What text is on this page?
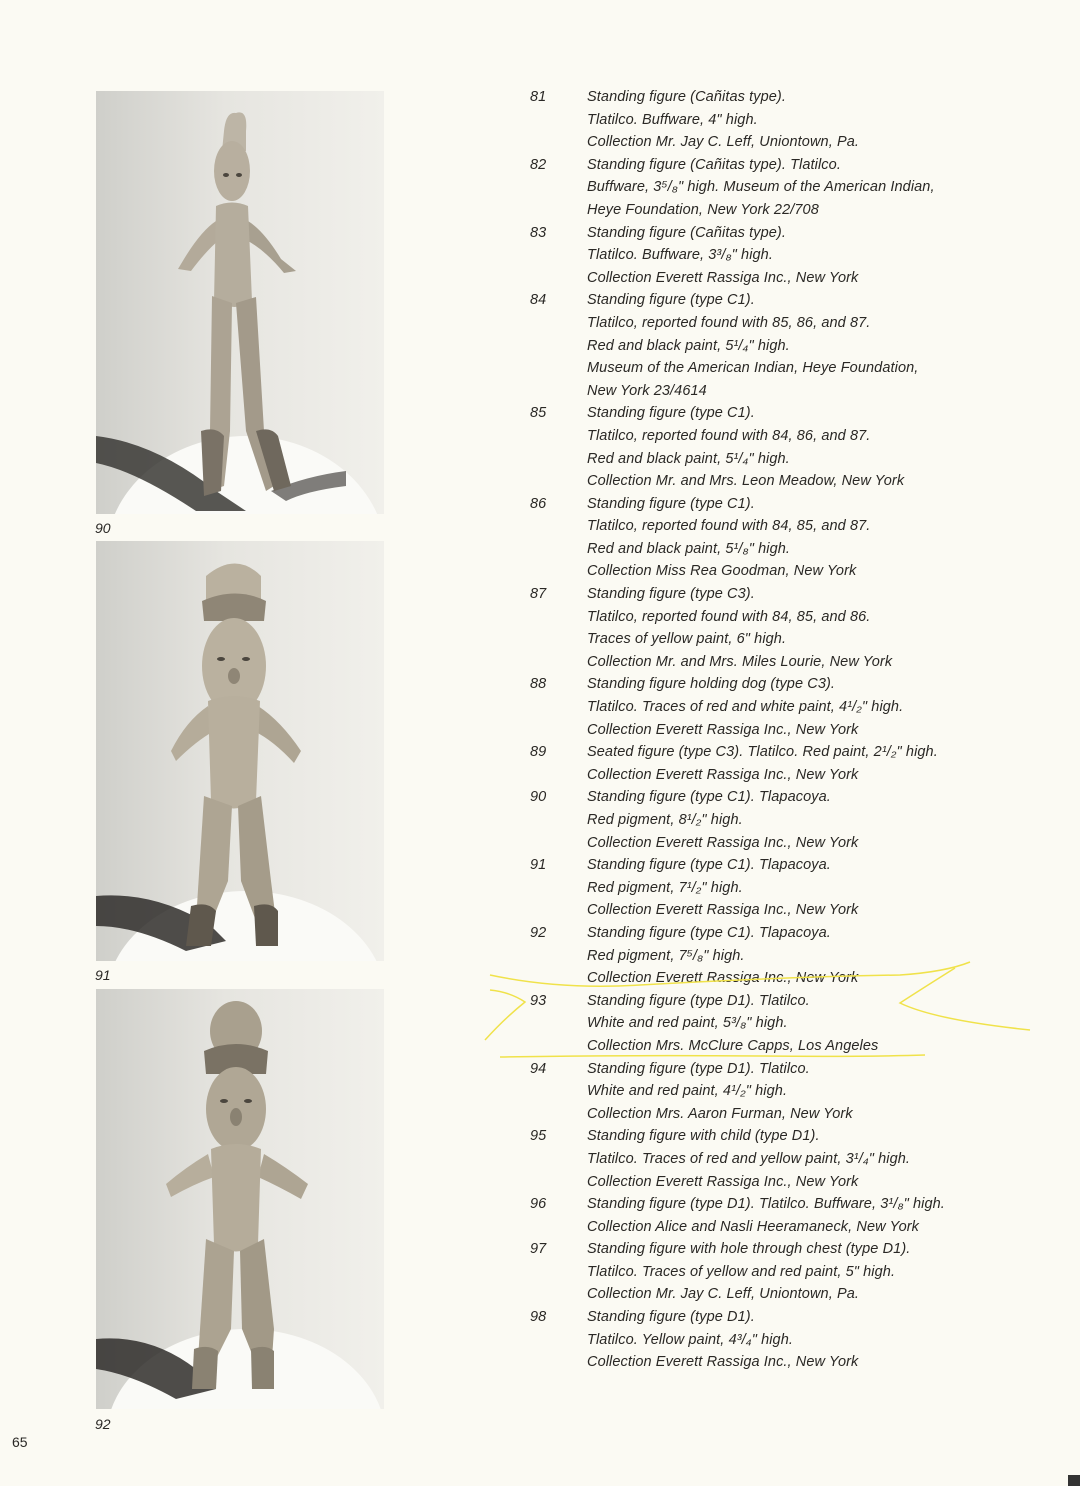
90
91
92
81	Standing figure (Cañitas type).
Tlatilco. Buffware, 4" high.
Collection Mr. Jay C. Leff, Uniontown, Pa.
82	Standing figure (Cañitas type). Tlatilco.
Buffware, 3⁵/₈" high. Museum of the American Indian,
Heye Foundation, New York 22/708
83	Standing figure (Cañitas type).
Tlatilco. Buffware, 3³/₈" high.
Collection Everett Rassiga Inc., New York
84	Standing figure (type C1).
Tlatilco, reported found with 85, 86, and 87.
Red and black paint, 5¹/₄" high.
Museum of the American Indian, Heye Foundation,
New York 23/4614
85	Standing figure (type C1).
Tlatilco, reported found with 84, 86, and 87.
Red and black paint, 5¹/₄" high.
Collection Mr. and Mrs. Leon Meadow, New York
86	Standing figure (type C1).
Tlatilco, reported found with 84, 85, and 87.
Red and black paint, 5¹/₈" high.
Collection Miss Rea Goodman, New York
87	Standing figure (type C3).
Tlatilco, reported found with 84, 85, and 86.
Traces of yellow paint, 6" high.
Collection Mr. and Mrs. Miles Lourie, New York
88	Standing figure holding dog (type C3).
Tlatilco. Traces of red and white paint, 4¹/₂" high.
Collection Everett Rassiga Inc., New York
89	Seated figure (type C3). Tlatilco. Red paint, 2¹/₂" high.
Collection Everett Rassiga Inc., New York
90	Standing figure (type C1). Tlapacoya.
Red pigment, 8¹/₂" high.
Collection Everett Rassiga Inc., New York
91	Standing figure (type C1). Tlapacoya.
Red pigment, 7¹/₂" high.
Collection Everett Rassiga Inc., New York
92	Standing figure (type C1). Tlapacoya.
Red pigment, 7⁵/₈" high.
Collection Everett Rassiga Inc., New York
93	Standing figure (type D1). Tlatilco.
White and red paint, 5³/₈" high.
Collection Mrs. McClure Capps, Los Angeles
94	Standing figure (type D1). Tlatilco.
White and red paint, 4¹/₂" high.
Collection Mrs. Aaron Furman, New York
95	Standing figure with child (type D1).
Tlatilco. Traces of red and yellow paint, 3¹/₄" high.
Collection Everett Rassiga Inc., New York
96	Standing figure (type D1). Tlatilco. Buffware, 3¹/₈" high.
Collection Alice and Nasli Heeramaneck, New York
97	Standing figure with hole through chest (type D1).
Tlatilco. Traces of yellow and red paint, 5" high.
Collection Mr. Jay C. Leff, Uniontown, Pa.
98	Standing figure (type D1).
Tlatilco. Yellow paint, 4³/₄" high.
Collection Everett Rassiga Inc., New York
65
